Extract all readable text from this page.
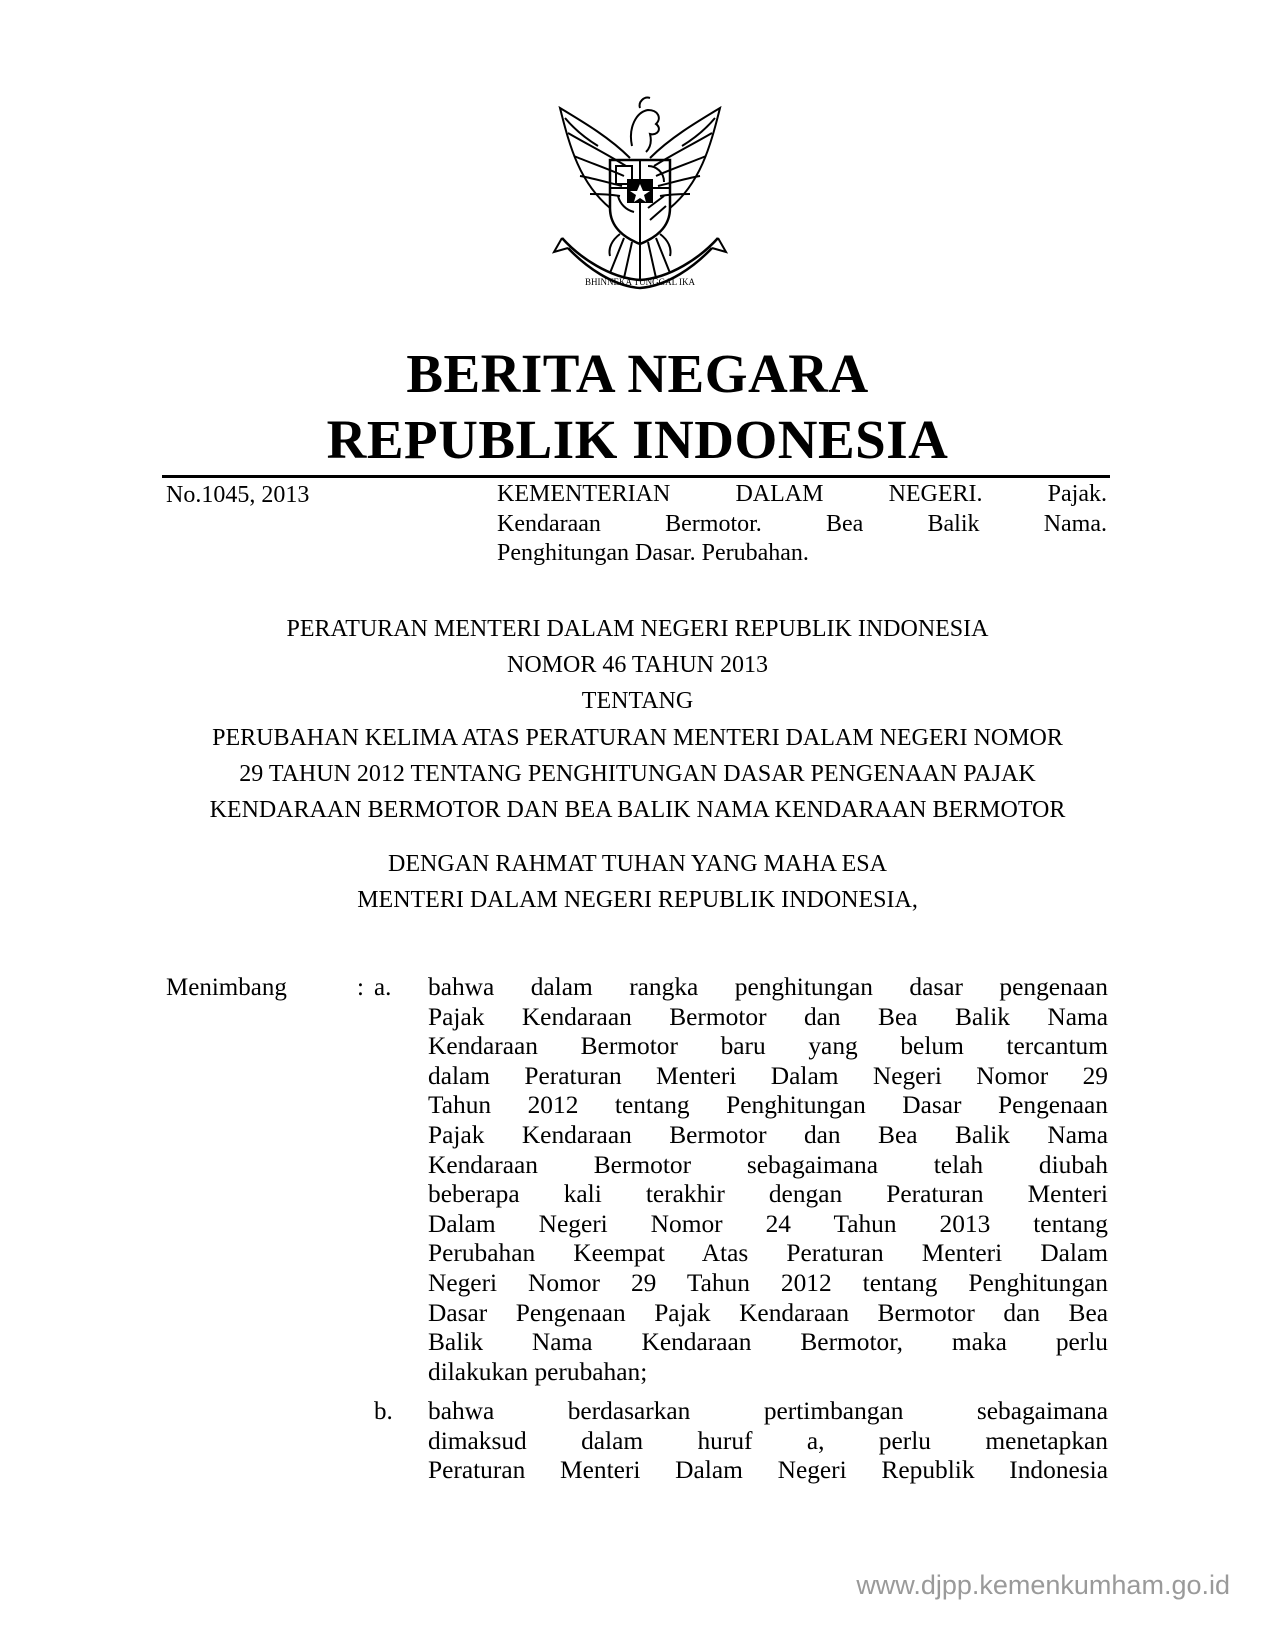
BHINNEKA TUNGGAL IKA
BERITA NEGARA
REPUBLIK INDONESIA
No.1045, 2013	KEMENTERIAN DALAM NEGERI. Pajak.
Kendaraan Bermotor. Bea Balik Nama.
Penghitungan Dasar. Perubahan.
PERATURAN MENTERI DALAM NEGERI REPUBLIK INDONESIA
NOMOR 46 TAHUN 2013
TENTANG
PERUBAHAN KELIMA ATAS PERATURAN MENTERI DALAM NEGERI NOMOR
29 TAHUN 2012 TENTANG PENGHITUNGAN DASAR PENGENAAN PAJAK
KENDARAAN BERMOTOR DAN BEA BALIK NAMA KENDARAAN BERMOTOR
DENGAN RAHMAT TUHAN YANG MAHA ESA
MENTERI DALAM NEGERI REPUBLIK INDONESIA,
Menimbang	: a. bahwa dalam rangka penghitungan dasar pengenaan
Pajak Kendaraan Bermotor dan Bea Balik Nama
Kendaraan Bermotor baru yang belum tercantum
dalam Peraturan Menteri Dalam Negeri Nomor 29
Tahun 2012 tentang Penghitungan Dasar Pengenaan
Pajak Kendaraan Bermotor dan Bea Balik Nama
Kendaraan Bermotor sebagaimana telah diubah
beberapa kali terakhir dengan Peraturan Menteri
Dalam Negeri Nomor 24 Tahun 2013 tentang
Perubahan Keempat Atas Peraturan Menteri Dalam
Negeri Nomor 29 Tahun 2012 tentang Penghitungan
Dasar Pengenaan Pajak Kendaraan Bermotor dan Bea
Balik Nama Kendaraan Bermotor, maka perlu
dilakukan perubahan;
b. bahwa berdasarkan pertimbangan sebagaimana
dimaksud dalam huruf a, perlu menetapkan
Peraturan Menteri Dalam Negeri Republik Indonesia
www.djpp.kemenkumham.go.id
